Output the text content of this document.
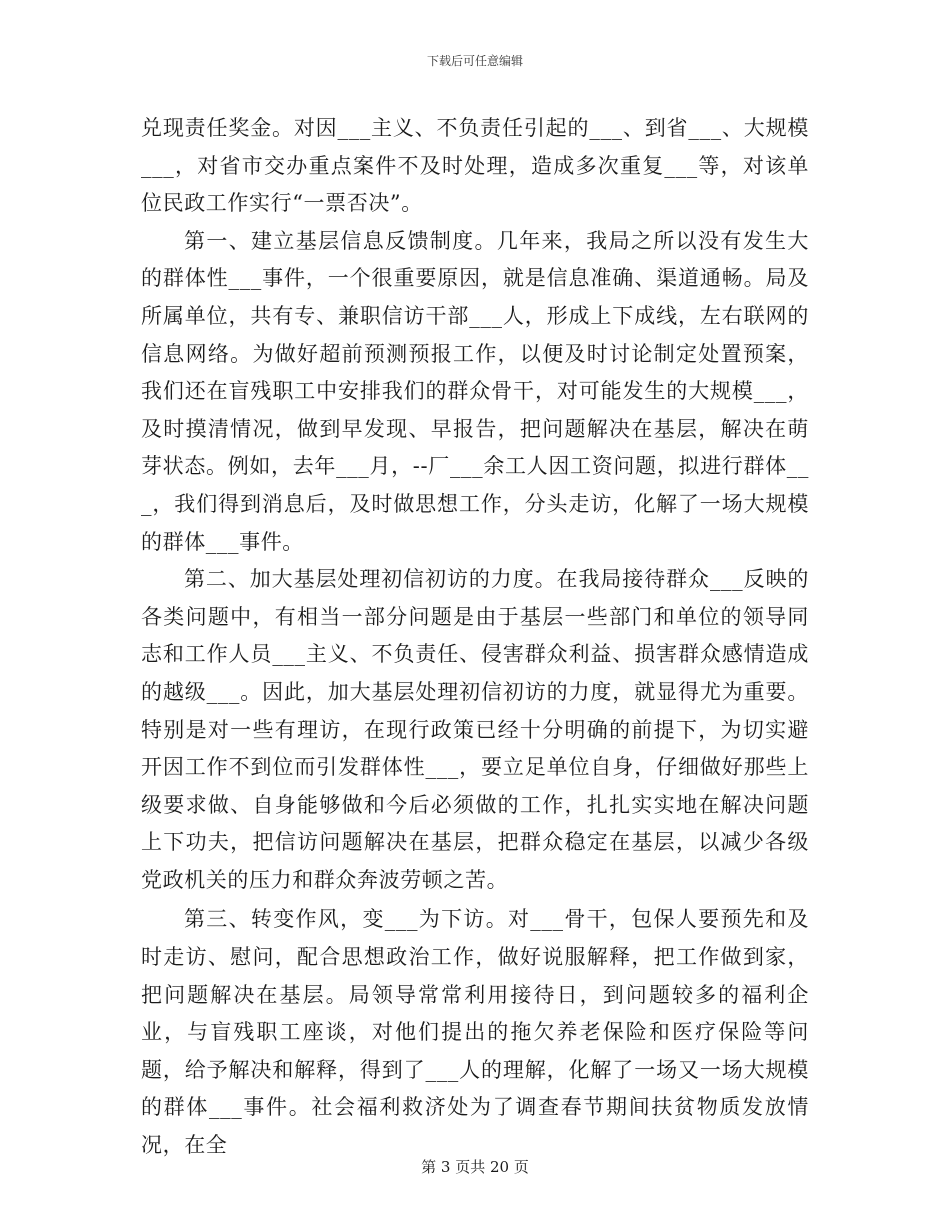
下载后可任意编辑

兑现责任奖金。对因___主义、不负责任引起的___、到省___、大规模___，对省市交办重点案件不及时处理，造成多次重复___等，对该单位民政工作实行“一票否决”。

第一、建立基层信息反馈制度。几年来，我局之所以没有发生大的群体性___事件，一个很重要原因，就是信息准确、渠道通畅。局及所属单位，共有专、兼职信访干部___人，形成上下成线，左右联网的信息网络。为做好超前预测预报工作，以便及时讨论制定处置预案，我们还在盲残职工中安排我们的群众骨干，对可能发生的大规模___，及时摸清情况，做到早发现、早报告，把问题解决在基层，解决在萌芽状态。例如，去年___月，--厂___余工人因工资问题，拟进行群体___，我们得到消息后，及时做思想工作，分头走访，化解了一场大规模的群体___事件。

第二、加大基层处理初信初访的力度。在我局接待群众___反映的各类问题中，有相当一部分问题是由于基层一些部门和单位的领导同志和工作人员___主义、不负责任、侵害群众利益、损害群众感情造成的越级___。因此，加大基层处理初信初访的力度，就显得尤为重要。特别是对一些有理访，在现行政策已经十分明确的前提下，为切实避开因工作不到位而引发群体性___，要立足单位自身，仔细做好那些上级要求做、自身能够做和今后必须做的工作，扎扎实实地在解决问题上下功夫，把信访问题解决在基层，把群众稳定在基层，以减少各级党政机关的压力和群众奔波劳顿之苦。

第三、转变作风，变___为下访。对___骨干，包保人要预先和及时走访、慰问，配合思想政治工作，做好说服解释，把工作做到家，把问题解决在基层。局领导常常利用接待日，到问题较多的福利企业，与盲残职工座谈，对他们提出的拖欠养老保险和医疗保险等问题，给予解决和解释，得到了___人的理解，化解了一场又一场大规模的群体___事件。社会福利救济处为了调查春节期间扶贫物质发放情况，在全

第 3 页共 20 页
